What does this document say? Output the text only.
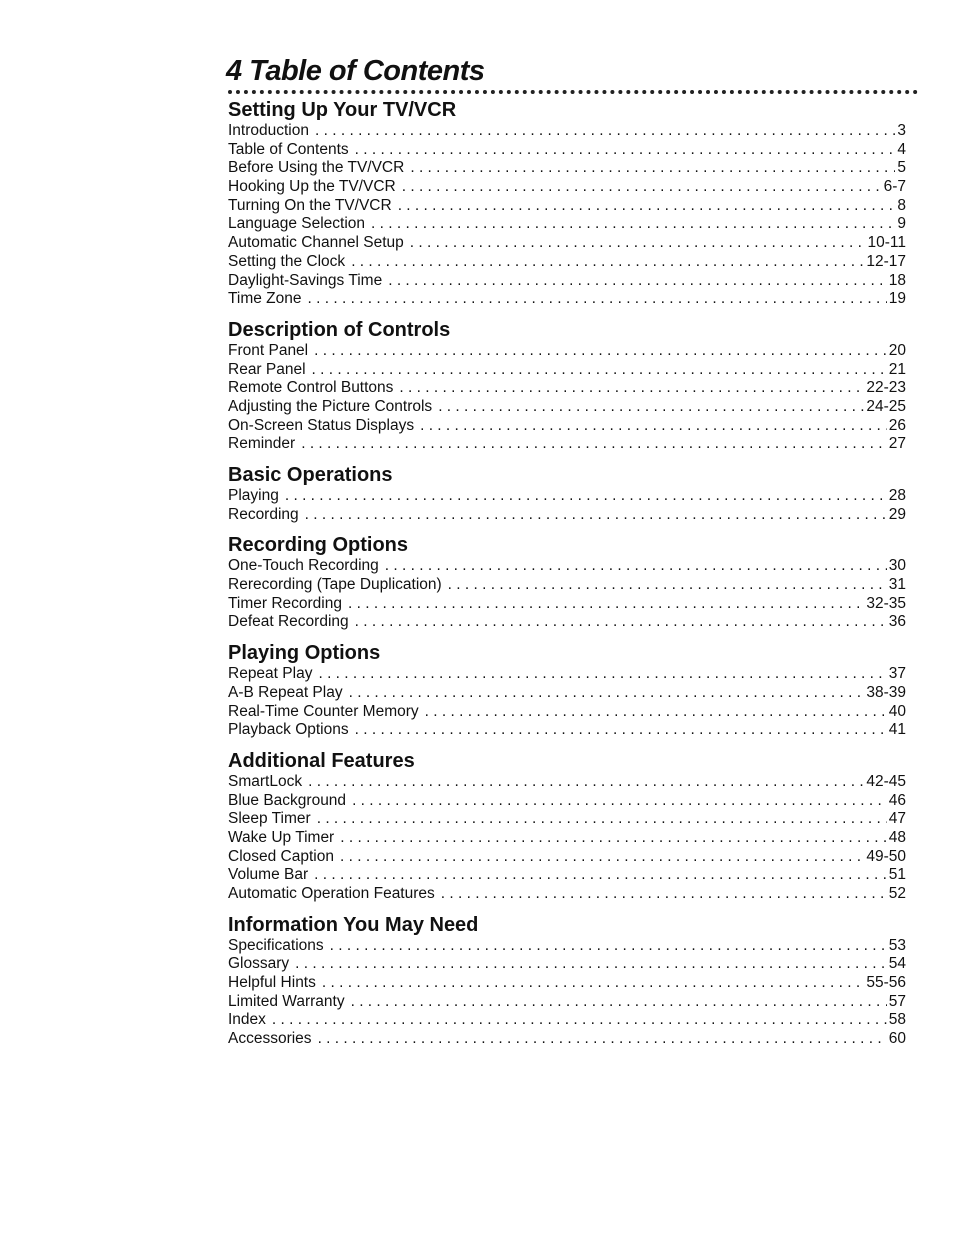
4 Table of Contents
Setting Up Your TV/VCR
Introduction . . .	3
Table of Contents . . .	4
Before Using the TV/VCR . . .	5
Hooking Up the TV/VCR . . .	6-7
Turning On the TV/VCR . . .	8
Language Selection . . .	9
Automatic Channel Setup . . .	10-11
Setting the Clock . . .	12-17
Daylight-Savings Time . . .	18
Time Zone . . .	19
Description of Controls
Front Panel . . .	20
Rear Panel . . .	21
Remote Control Buttons . . .	22-23
Adjusting the Picture Controls . . .	24-25
On-Screen Status Displays . . .	26
Reminder . . .	27
Basic Operations
Playing . . .	28
Recording . . .	29
Recording Options
One-Touch Recording . . .	30
Rerecording (Tape Duplication) . . .	31
Timer Recording . . .	32-35
Defeat Recording . . .	36
Playing Options
Repeat Play . . .	37
A-B Repeat Play . . .	38-39
Real-Time Counter Memory . . .	40
Playback Options . . .	41
Additional Features
SmartLock . . .	42-45
Blue Background . . .	46
Sleep Timer . . .	47
Wake Up Timer . . .	48
Closed Caption . . .	49-50
Volume Bar . . .	51
Automatic Operation Features . . .	52
Information You May Need
Specifications . . .	53
Glossary . . .	54
Helpful Hints . . .	55-56
Limited Warranty . . .	57
Index . . .	58
Accessories . . .	60
